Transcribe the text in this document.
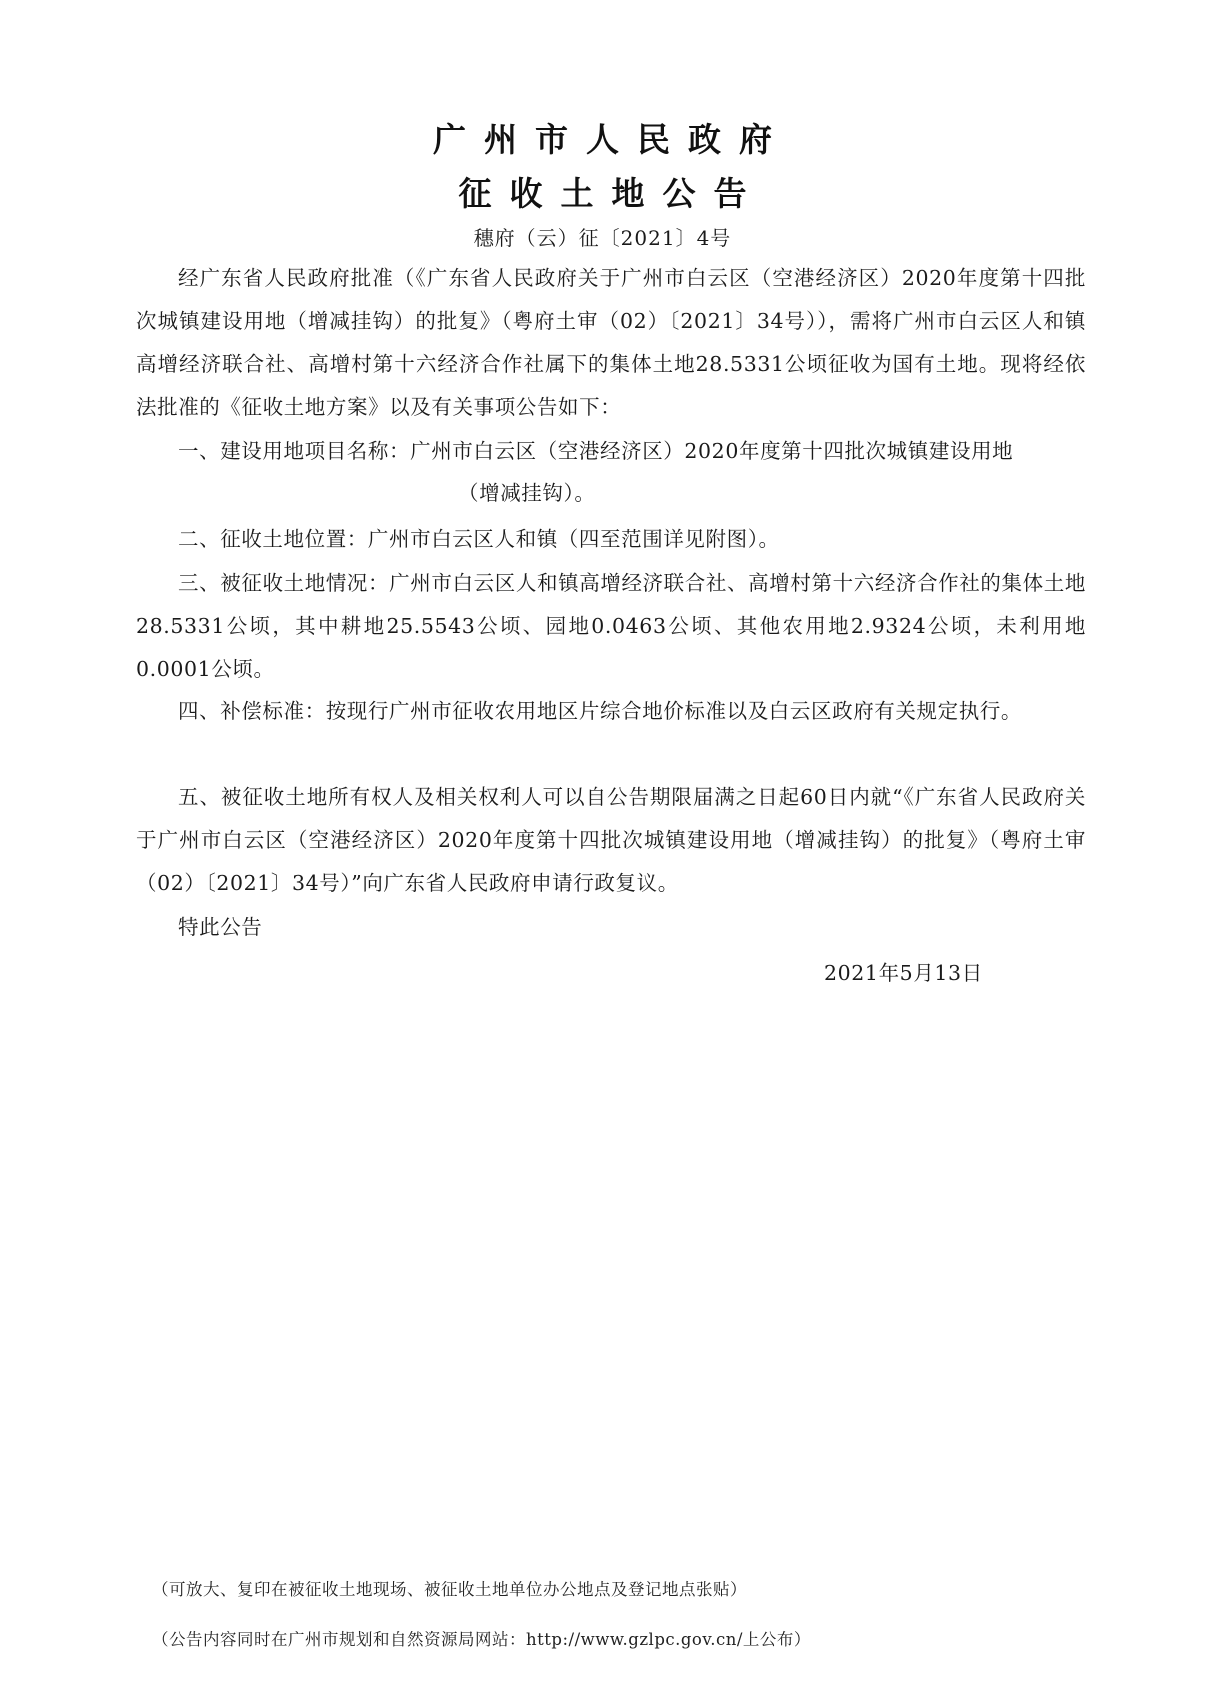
广州市人民政府
征收土地公告
穗府（云）征〔2021〕4号

经广东省人民政府批准（《广东省人民政府关于广州市白云区（空港经济区）2020年度第十四批次城镇建设用地（增减挂钩）的批复》（粤府土审（02）〔2021〕34号）），需将广州市白云区人和镇高增经济联合社、高增村第十六经济合作社属下的集体土地28.5331公顷征收为国有土地。现将经依法批准的《征收土地方案》以及有关事项公告如下：

一、建设用地项目名称：广州市白云区（空港经济区）2020年度第十四批次城镇建设用地

（增减挂钩）。

二、征收土地位置：广州市白云区人和镇（四至范围详见附图）。

三、被征收土地情况：广州市白云区人和镇高增经济联合社、高增村第十六经济合作社的集体土地28.5331公顷，其中耕地25.5543公顷、园地0.0463公顷、其他农用地2.9324公顷，未利用地0.0001公顷。

四、补偿标准：按现行广州市征收农用地区片综合地价标准以及白云区政府有关规定执行。

五、被征收土地所有权人及相关权利人可以自公告期限届满之日起60日内就“《广东省人民政府关于广州市白云区（空港经济区）2020年度第十四批次城镇建设用地（增减挂钩）的批复》（粤府土审（02）〔2021〕34号）”向广东省人民政府申请行政复议。

特此公告

2021年5月13日
（可放大、复印在被征收土地现场、被征收土地单位办公地点及登记地点张贴）
（公告内容同时在广州市规划和自然资源局网站：http://www.gzlpc.gov.cn/上公布）
